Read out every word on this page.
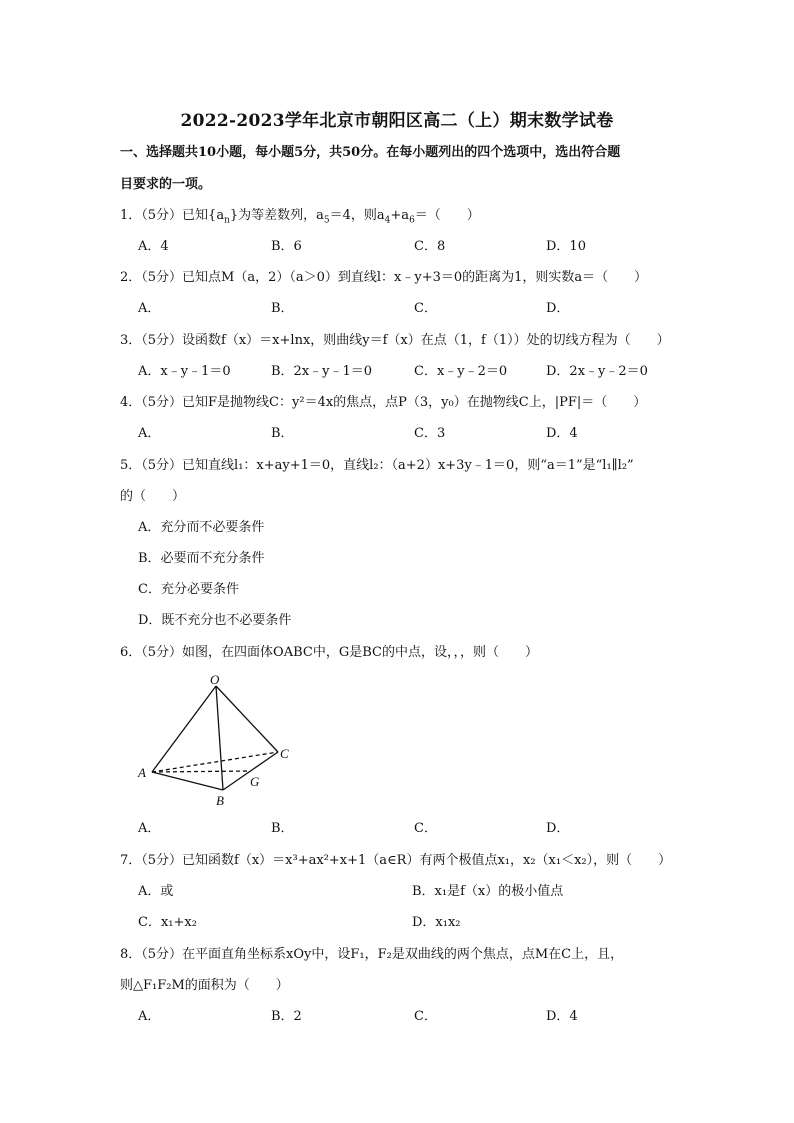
2022-2023学年北京市朝阳区高二（上）期末数学试卷
一、选择题共10小题，每小题5分，共50分。在每小题列出的四个选项中，选出符合题
目要求的一项。
1．（5分）已知$\{a_n\}$为等差数列，$a_5=4$，则$a_4+a_6=$（　　）
A．4	B．6	C．8	D．10
2．（5分）已知点M（a，2）（a＞0）到直线l：x﹣y+3＝0的距离为1，则实数a＝（　　）
A．	B．	C．	D．
3．（5分）设函数f（x）＝x+lnx，则曲线y＝f（x）在点（1，f（1））处的切线方程为（　　）
A．x﹣y﹣1＝0	B．2x﹣y﹣1＝0	C．x﹣y﹣2＝0	D．2x﹣y﹣2＝0
4．（5分）已知F是抛物线C：y²＝4x的焦点，点P（3，y₀）在抛物线C上，|PF|＝（　　）
A．	B．	C．3	D．4
5．（5分）已知直线l₁：x+ay+1＝0，直线l₂：（a+2）x+3y﹣1＝0，则“a＝1”是“l₁∥l₂”
的（　　）
A．充分而不必要条件
B．必要而不充分条件
C．充分必要条件
D．既不充分也不必要条件
6．（5分）如图，在四面体OABC中，G是BC的中点，设，，，则（　　）
O
A
B
C
G
A．	B．	C．	D．
7．（5分）已知函数f（x）＝x³+ax²+x+1（a∈R）有两个极值点x₁，x₂（x₁＜x₂），则（　　）
A．或	B．x₁是f（x）的极小值点
C．x₁+x₂	D．x₁x₂
8．（5分）在平面直角坐标系xOy中，设F₁，F₂是双曲线的两个焦点，点M在C上，且，
则△F₁F₂M的面积为（　　）
A．	B．2	C．	D．4
